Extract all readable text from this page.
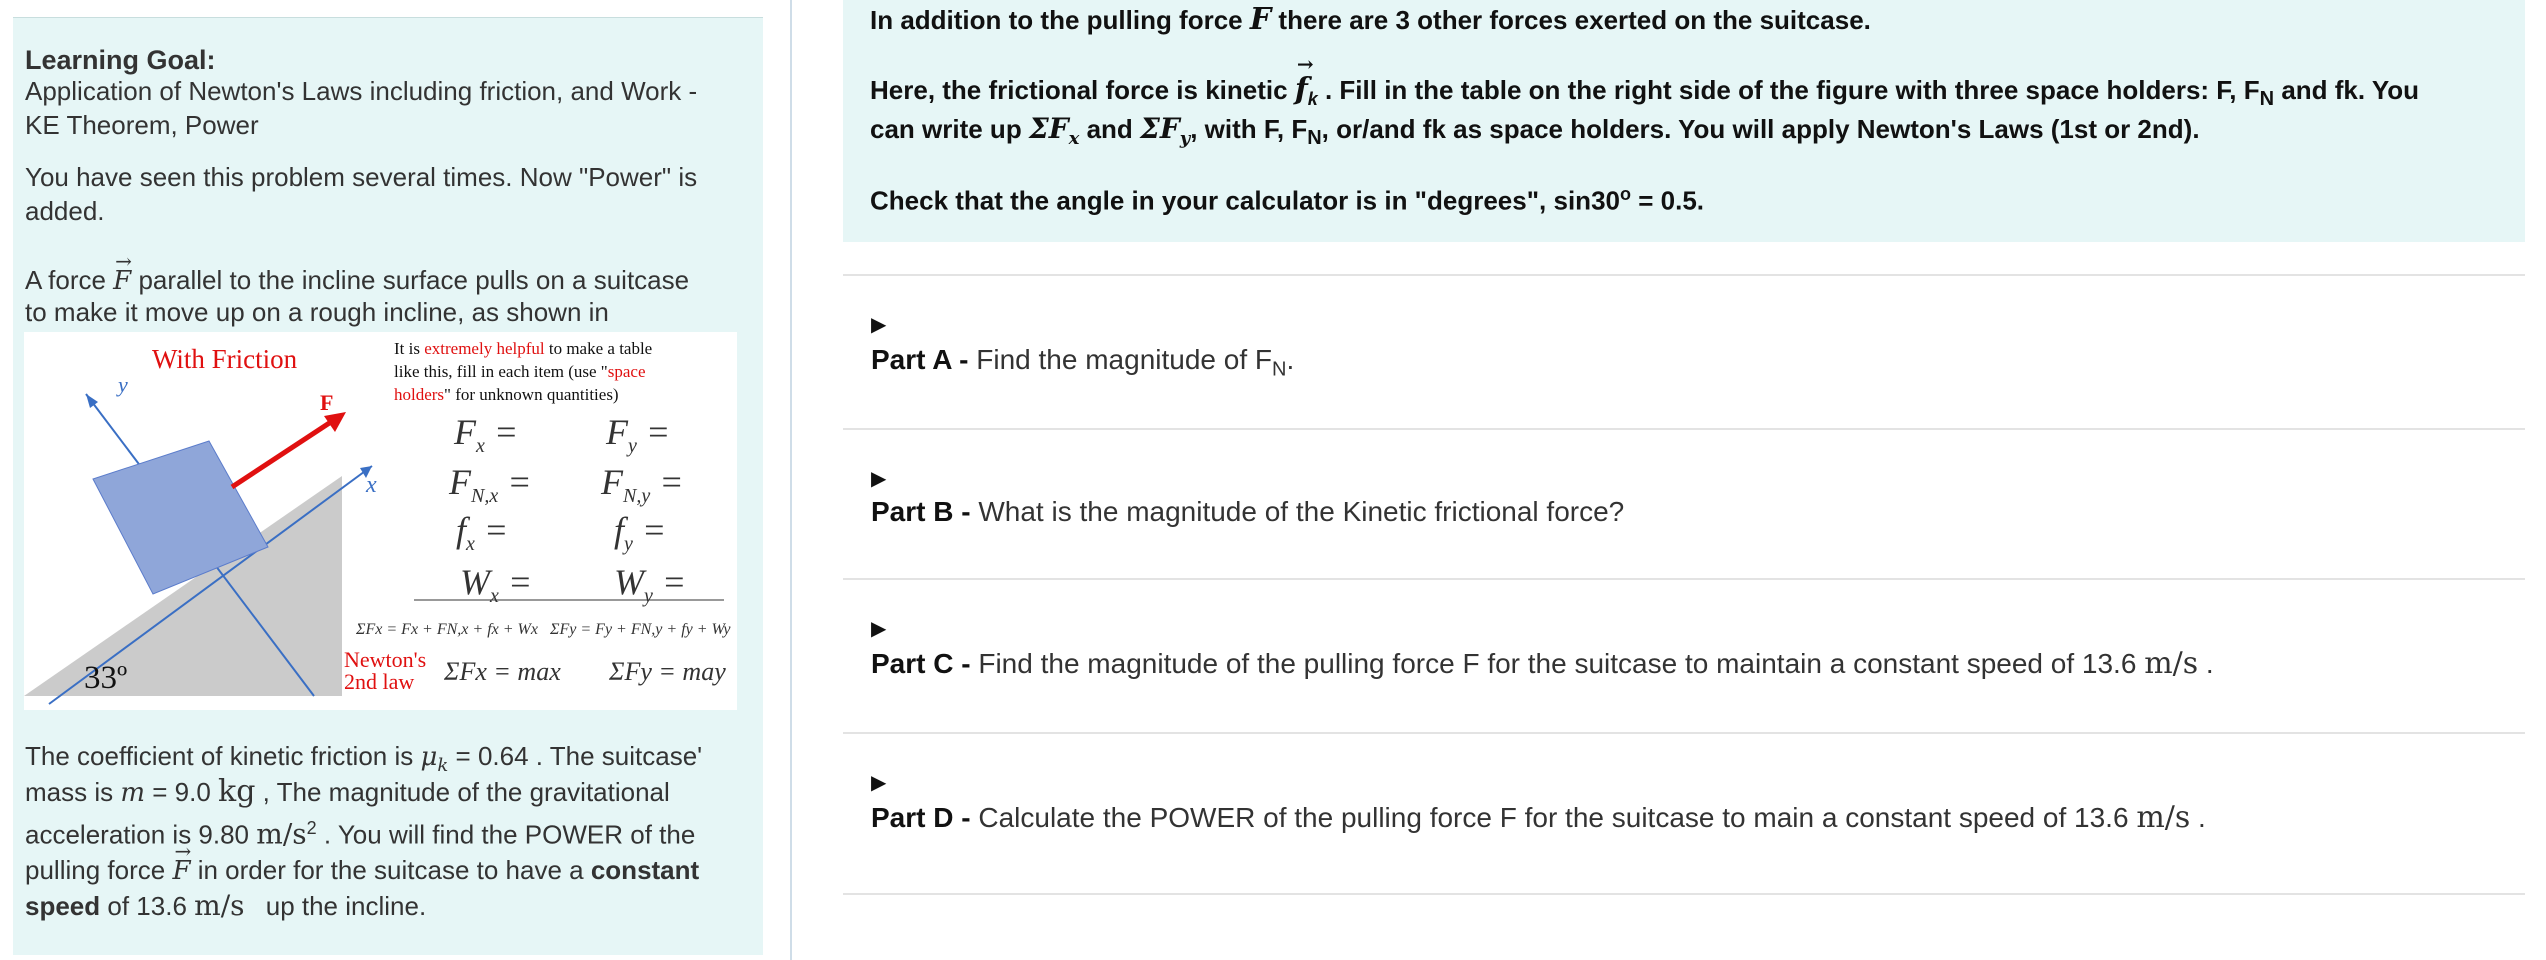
Learning Goal:
Application of Newton's Laws including friction, and Work - KE Theorem, Power
You have seen this problem several times. Now "Power" is added.
A force → F parallel to the incline surface pulls on a suitcase
to make it move up on a rough incline, as shown in
With Friction
F
y
x
33º
It is extremely helpful to make a table
like this, fill in each item (use "space
holders" for unknown quantities)
$F_x = F_y$ =
$F_{N,x} = F_{N,y}$ =
$f_x$ =	$f_y$ =
$W_x = W_y$ =
ΣFx = Fx + FN,x + fx + Wx ΣFy = Fy + FN,y + fy + Wy
Newton's
2nd law ΣFx = max ΣFy = may
The coefficient of kinetic friction is $\mu_k = 0.64$ . The suitcase'
mass is m = 9.0 kg , The magnitude of the gravitational
acceleration is 9.80 $m/s^2$ . You will find the POWER of the
pulling force → F in order for the suitcase to have a constant
speed of 13.6 m/s up the incline.
In addition to the pulling force F there are 3 other forces exerted on the suitcase.
Here, the frictional force is kinetic → $f_k$ . Fill in the table on the right side of the figure with three space holders: F, $F_N$ and fk. You
can write up $\Sigma F_x$ and $\Sigma F_y$, with F, $F_N$, or/and fk as space holders. You will apply Newton's Laws (1st or 2nd).
Check that the angle in your calculator is in "degrees", $\sin 30^o = 0.5$.
▶
Part A - Find the magnitude of $F_N$.
▶
Part B - What is the magnitude of the Kinetic frictional force?
▶
Part C - Find the magnitude of the pulling force F for the suitcase to maintain a constant speed of 13.6 m/s .
▶
Part D - Calculate the POWER of the pulling force F for the suitcase to main a constant speed of 13.6 m/s .
